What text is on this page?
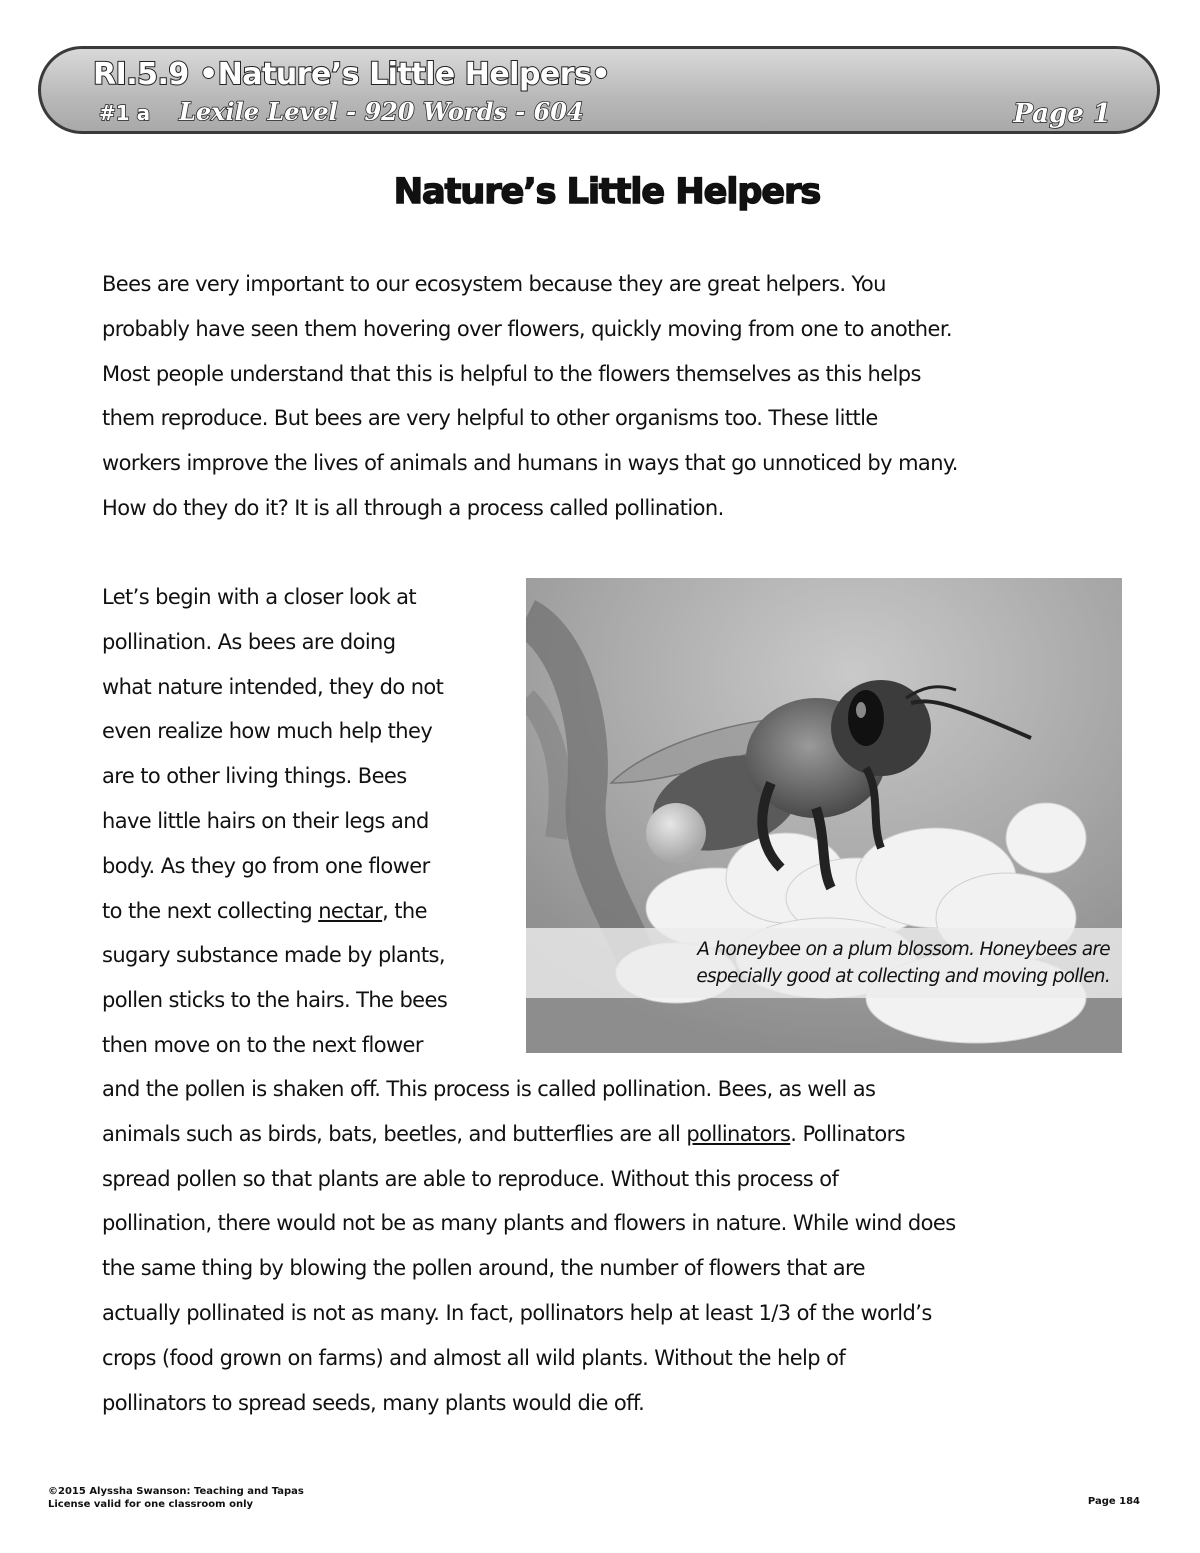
RI.5.9 •Nature’s Little Helpers•
#1 a Lexile Level - 920 Words - 604	Page 1
Nature’s Little Helpers
Bees are very important to our ecosystem because they are great helpers. You
probably have seen them hovering over flowers, quickly moving from one to another.
Most people understand that this is helpful to the flowers themselves as this helps
them reproduce. But bees are very helpful to other organisms too. These little
workers improve the lives of animals and humans in ways that go unnoticed by many.
How do they do it? It is all through a process called pollination.
Let’s begin with a closer look at
pollination. As bees are doing
what nature intended, they do not
even realize how much help they
are to other living things. Bees
have little hairs on their legs and
body. As they go from one flower
to the next collecting nectar, the
sugary substance made by plants,
pollen sticks to the hairs. The bees
then move on to the next flower
A honeybee on a plum blossom. Honeybees are
especially good at collecting and moving pollen.
and the pollen is shaken off. This process is called pollination. Bees, as well as
animals such as birds, bats, beetles, and butterflies are all pollinators. Pollinators
spread pollen so that plants are able to reproduce. Without this process of
pollination, there would not be as many plants and flowers in nature. While wind does
the same thing by blowing the pollen around, the number of flowers that are
actually pollinated is not as many. In fact, pollinators help at least 1/3 of the world’s
crops (food grown on farms) and almost all wild plants. Without the help of
pollinators to spread seeds, many plants would die off.
©2015 Alyssha Swanson: Teaching and Tapas
License valid for one classroom only	Page 184
